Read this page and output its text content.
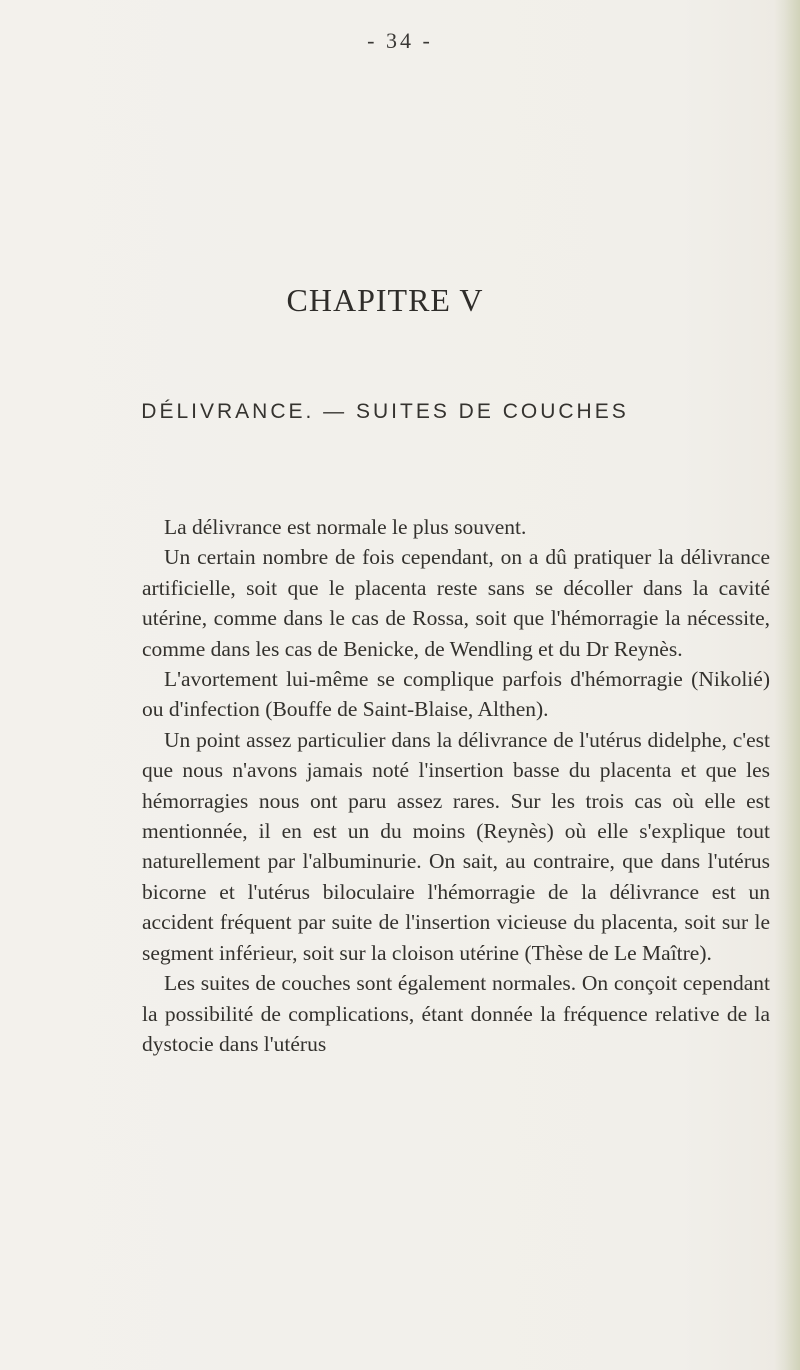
- 34 -
CHAPITRE V
DÉLIVRANCE. — SUITES DE COUCHES

La délivrance est normale le plus souvent.

Un certain nombre de fois cependant, on a dû pratiquer la délivrance artificielle, soit que le placenta reste sans se décoller dans la cavité utérine, comme dans le cas de Rossa, soit que l'hémorragie la nécessite, comme dans les cas de Benicke, de Wendling et du Dr Reynès.

L'avortement lui-même se complique parfois d'hémorragie (Nikolié) ou d'infection (Bouffe de Saint-Blaise, Althen).

Un point assez particulier dans la délivrance de l'utérus didelphe, c'est que nous n'avons jamais noté l'insertion basse du placenta et que les hémorragies nous ont paru assez rares. Sur les trois cas où elle est mentionnée, il en est un du moins (Reynès) où elle s'explique tout naturellement par l'albuminurie. On sait, au contraire, que dans l'utérus bicorne et l'utérus biloculaire l'hémorragie de la délivrance est un accident fréquent par suite de l'insertion vicieuse du placenta, soit sur le segment inférieur, soit sur la cloison utérine (Thèse de Le Maître).

Les suites de couches sont également normales. On conçoit cependant la possibilité de complications, étant donnée la fréquence relative de la dystocie dans l'utérus
